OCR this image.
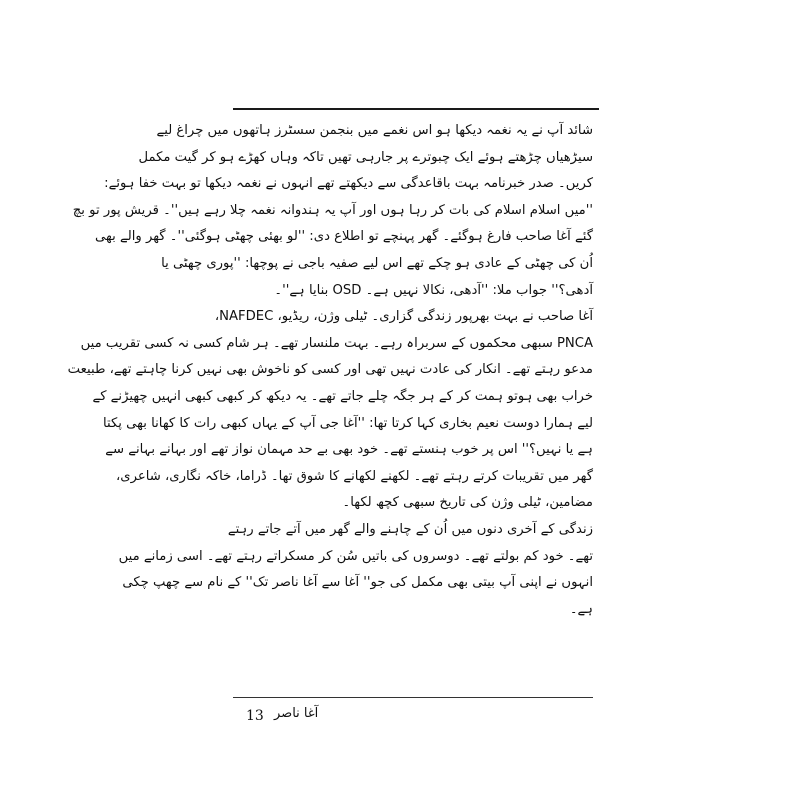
شائد آپ نے یہ نغمہ دیکھا ہو اس نغمے میں بنجمن سسٹرز ہاتھوں میں چراغ لیے
سیڑھیاں چڑھتے ہوئے ایک چبوترے پر جارہی تھیں تاکہ وہاں کھڑے ہو کر گیت مکمل
کریں۔ صدر خبرنامہ بہت باقاعدگی سے دیکھتے تھے انہوں نے نغمہ دیکھا تو بہت خفا ہوئے:
''میں اسلام اسلام کی بات کر رہا ہوں اور آپ یہ ہندوانہ نغمہ چلا رہے ہیں''۔ قریش پور تو بچ
گئے آغا صاحب فارغ ہوگئے۔ گھر پہنچے تو اطلاع دی: ''لو بھئی چھٹی ہوگئی''۔ گھر والے بھی
اُن کی چھٹی کے عادی ہو چکے تھے اس لیے صفیہ باجی نے پوچھا: ''پوری چھٹی یا
آدھی؟'' جواب ملا: ''آدھی، نکالا نہیں ہے۔ OSD بنایا ہے''۔
آغا صاحب نے بہت بھرپور زندگی گزاری۔ ٹیلی وژن، ریڈیو، NAFDEC،
PNCA سبھی محکموں کے سربراہ رہے۔ بہت ملنسار تھے۔ ہر شام کسی نہ کسی تقریب میں
مدعو رہتے تھے۔ انکار کی عادت نہیں تھی اور کسی کو ناخوش بھی نہیں کرنا چاہتے تھے، طبیعت
خراب بھی ہوتو ہمت کر کے ہر جگہ چلے جاتے تھے۔ یہ دیکھ کر کبھی کبھی انہیں چھیڑنے کے
لیے ہمارا دوست نعیم بخاری کہا کرتا تھا: ''آغا جی آپ کے یہاں کبھی رات کا کھانا بھی پکتا
ہے یا نہیں؟'' اس پر خوب ہنستے تھے۔ خود بھی بے حد مہمان نواز تھے اور بہانے بہانے سے
گھر میں تقریبات کرتے رہتے تھے۔ لکھنے لکھانے کا شوق تھا۔ ڈراما، خاکہ نگاری، شاعری،
مضامین، ٹیلی وژن کی تاریخ سبھی کچھ لکھا۔
زندگی کے آخری دنوں میں اُن کے چاہنے والے گھر میں آتے جاتے رہتے
تھے۔ خود کم بولتے تھے۔ دوسروں کی باتیں سُن کر مسکراتے رہتے تھے۔ اسی زمانے میں
انہوں نے اپنی آپ بیتی بھی مکمل کی جو'' آغا سے آغا ناصر تک'' کے نام سے چھپ چکی
ہے۔
13 آغا ناصر
